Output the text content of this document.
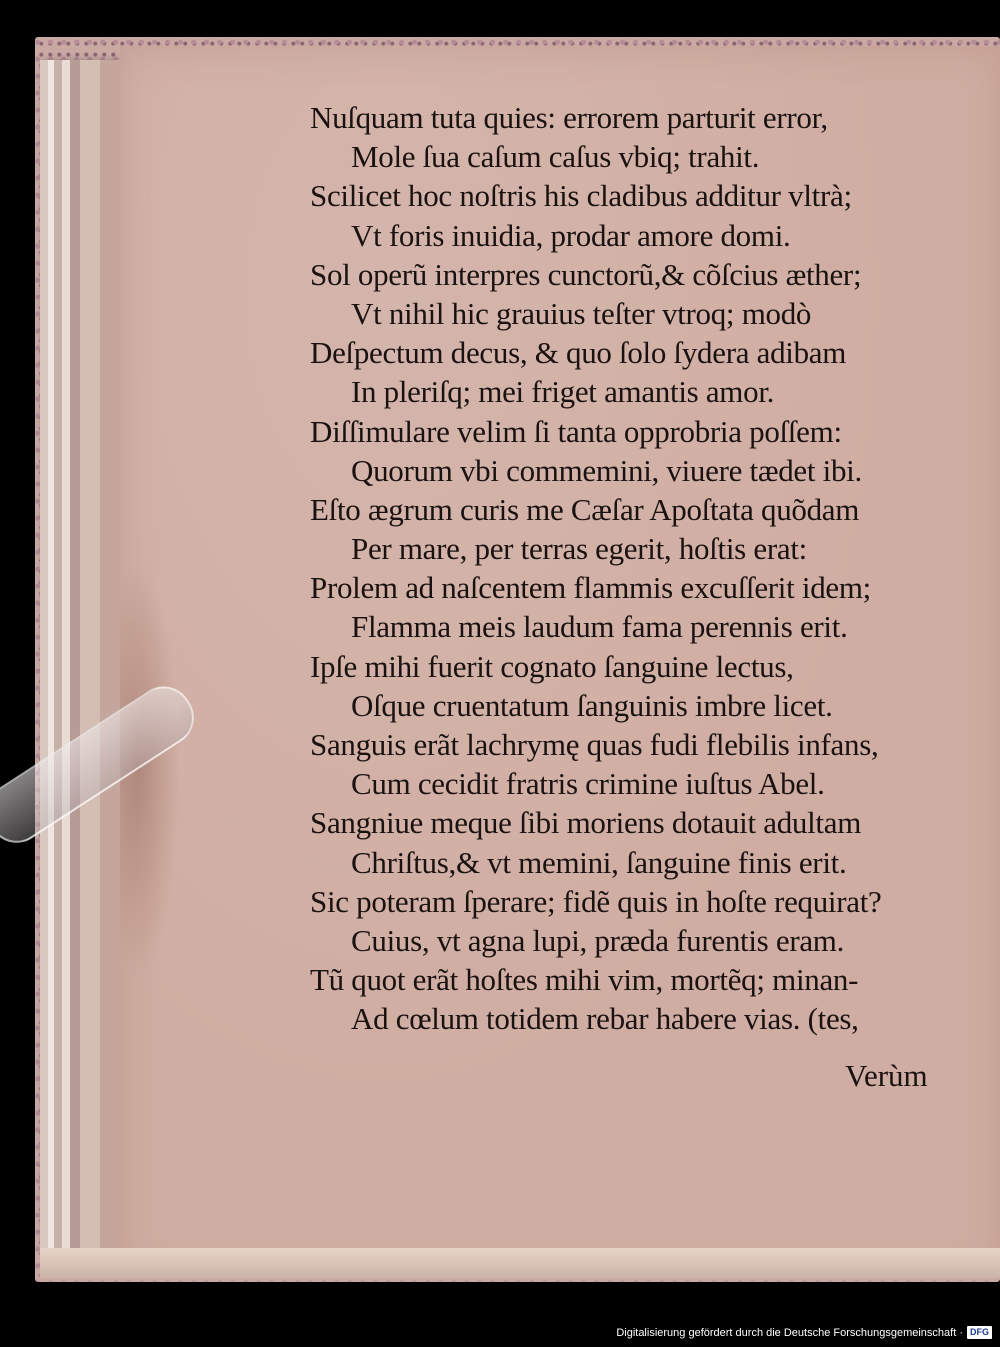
Nuſquam tuta quies: errorem parturit error,
Mole ſua caſum caſus vbiq; trahit.
Scilicet hoc noſtris his cladibus additur vltrà;
Vt foris inuidia, prodar amore domi.
Sol operũ interpres cunctorũ,& cõſcius æther;
Vt nihil hic grauius teſter vtroq; modò
Deſpectum decus, & quo ſolo ſydera adibam
In pleriſq; mei friget amantis amor.
Diſſimulare velim ſi tanta opprobria poſſem:
Quorum vbi commemini, viuere tædet ibi.
Eſto ægrum curis me Cæſar Apoſtata quõdam
Per mare, per terras egerit, hoſtis erat:
Prolem ad naſcentem flammis excuſſerit idem;
Flamma meis laudum fama perennis erit.
Ipſe mihi fuerit cognato ſanguine lectus,
Oſque cruentatum ſanguinis imbre licet.
Sanguis erãt lachrymę quas fudi flebilis infans,
Cum cecidit fratris crimine iuſtus Abel.
Sangniue meque ſibi moriens dotauit adultam
Chriſtus,& vt memini, ſanguine finis erit.
Sic poteram ſperare; fidẽ quis in hoſte requirat?
Cuius, vt agna lupi, præda furentis eram.
Tũ quot erãt hoſtes mihi vim, mortẽq; minan-
Ad cœlum totidem rebar habere vias. (tes,
Verùm
Digitalisierung gefördert durch die Deutsche Forschungsgemeinschaft · DFG
